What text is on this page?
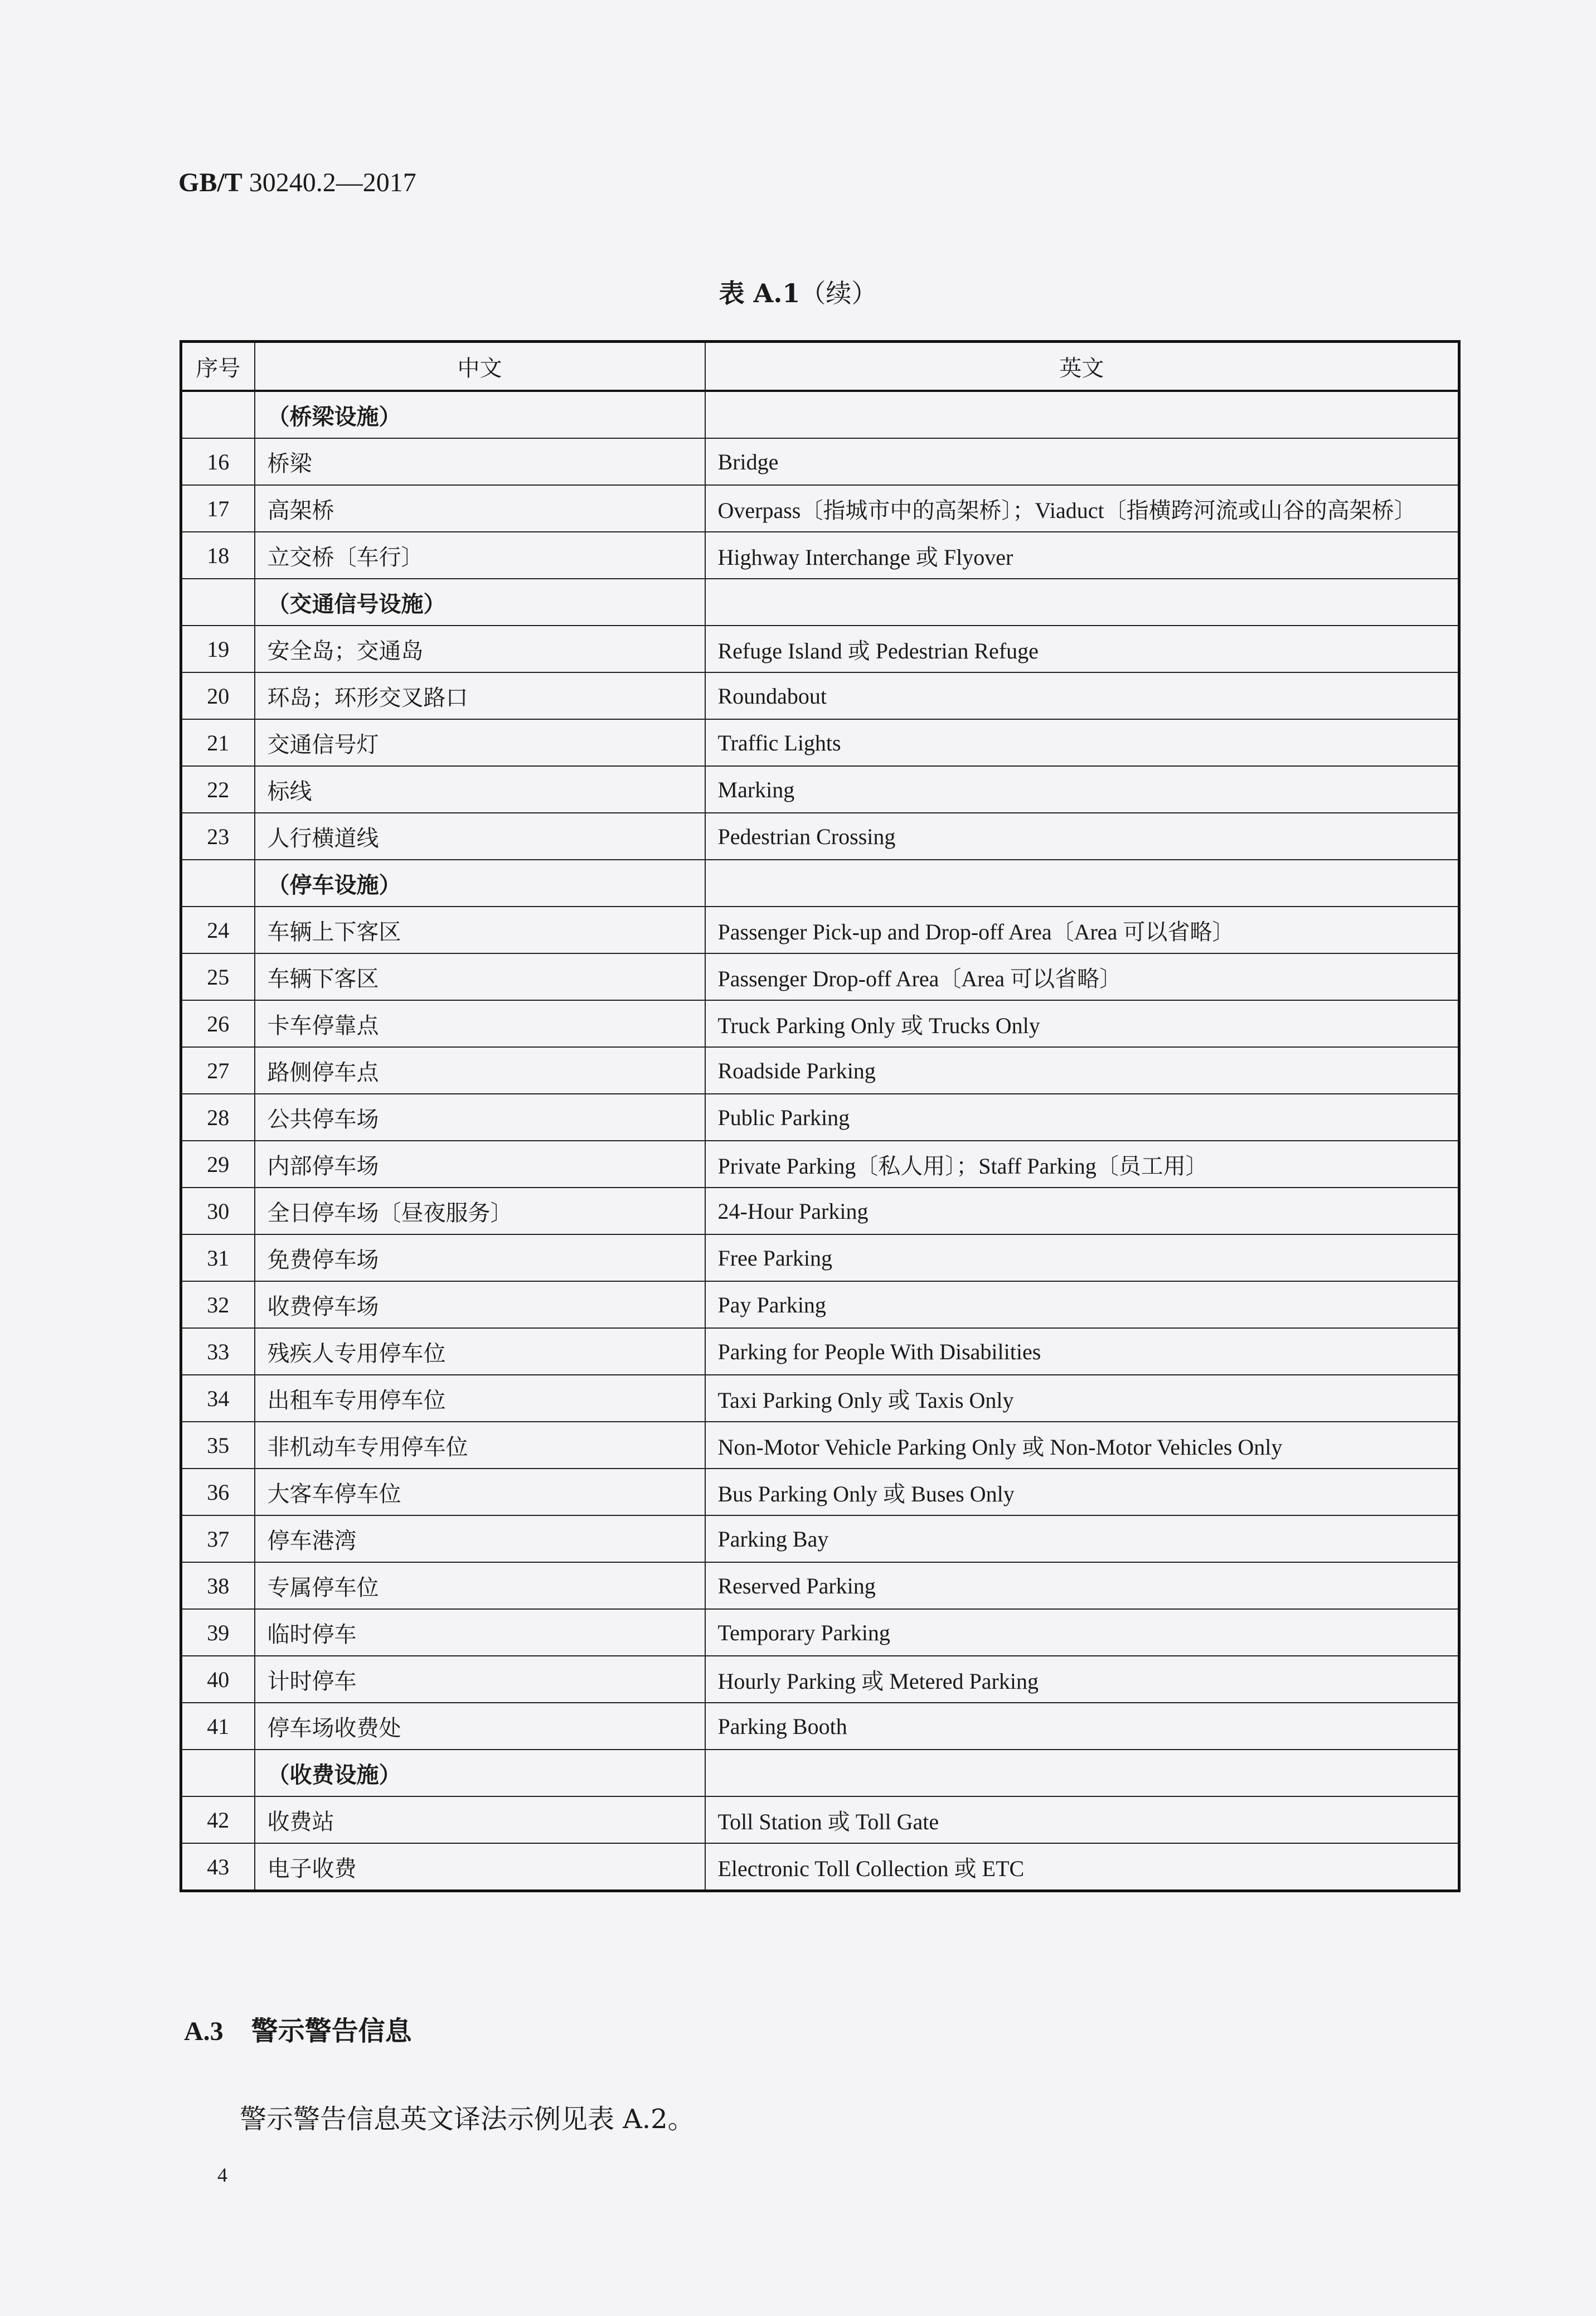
GB/T 30240.2—2017
表 A.1（续）
序号	中文	英文
	（桥梁设施）	
16	桥梁	Bridge
17	高架桥	Overpass〔指城市中的高架桥〕；Viaduct〔指横跨河流或山谷的高架桥〕
18	立交桥〔车行〕	Highway Interchange 或 Flyover
	（交通信号设施）	
19	安全岛；交通岛	Refuge Island 或 Pedestrian Refuge
20	环岛；环形交叉路口	Roundabout
21	交通信号灯	Traffic Lights
22	标线	Marking
23	人行横道线	Pedestrian Crossing
	（停车设施）	
24	车辆上下客区	Passenger Pick-up and Drop-off Area〔Area 可以省略〕
25	车辆下客区	Passenger Drop-off Area〔Area 可以省略〕
26	卡车停靠点	Truck Parking Only 或 Trucks Only
27	路侧停车点	Roadside Parking
28	公共停车场	Public Parking
29	内部停车场	Private Parking〔私人用〕；Staff Parking〔员工用〕
30	全日停车场〔昼夜服务〕	24-Hour Parking
31	免费停车场	Free Parking
32	收费停车场	Pay Parking
33	残疾人专用停车位	Parking for People With Disabilities
34	出租车专用停车位	Taxi Parking Only 或 Taxis Only
35	非机动车专用停车位	Non-Motor Vehicle Parking Only 或 Non-Motor Vehicles Only
36	大客车停车位	Bus Parking Only 或 Buses Only
37	停车港湾	Parking Bay
38	专属停车位	Reserved Parking
39	临时停车	Temporary Parking
40	计时停车	Hourly Parking 或 Metered Parking
41	停车场收费处	Parking Booth
	（收费设施）	
42	收费站	Toll Station 或 Toll Gate
43	电子收费	Electronic Toll Collection 或 ETC
A.3 警示警告信息
警示警告信息英文译法示例见表 A.2。
4
